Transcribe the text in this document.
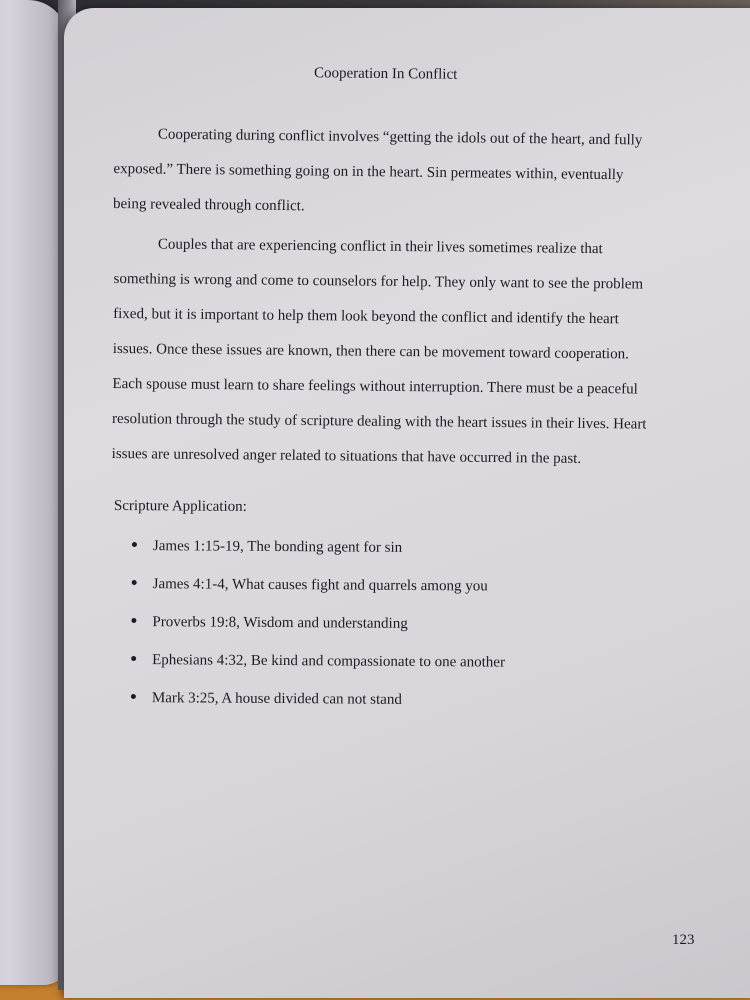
Cooperation In Conflict
Cooperating during conflict involves “getting the idols out of the heart, and fully
exposed.” There is something going on in the heart. Sin permeates within, eventually
being revealed through conflict.
Couples that are experiencing conflict in their lives sometimes realize that
something is wrong and come to counselors for help. They only want to see the problem
fixed, but it is important to help them look beyond the conflict and identify the heart
issues. Once these issues are known, then there can be movement toward cooperation.
Each spouse must learn to share feelings without interruption. There must be a peaceful
resolution through the study of scripture dealing with the heart issues in their lives. Heart
issues are unresolved anger related to situations that have occurred in the past.
Scripture Application:
James 1:15-19, The bonding agent for sin
James 4:1-4, What causes fight and quarrels among you
Proverbs 19:8, Wisdom and understanding
Ephesians 4:32, Be kind and compassionate to one another
Mark 3:25, A house divided can not stand
123
